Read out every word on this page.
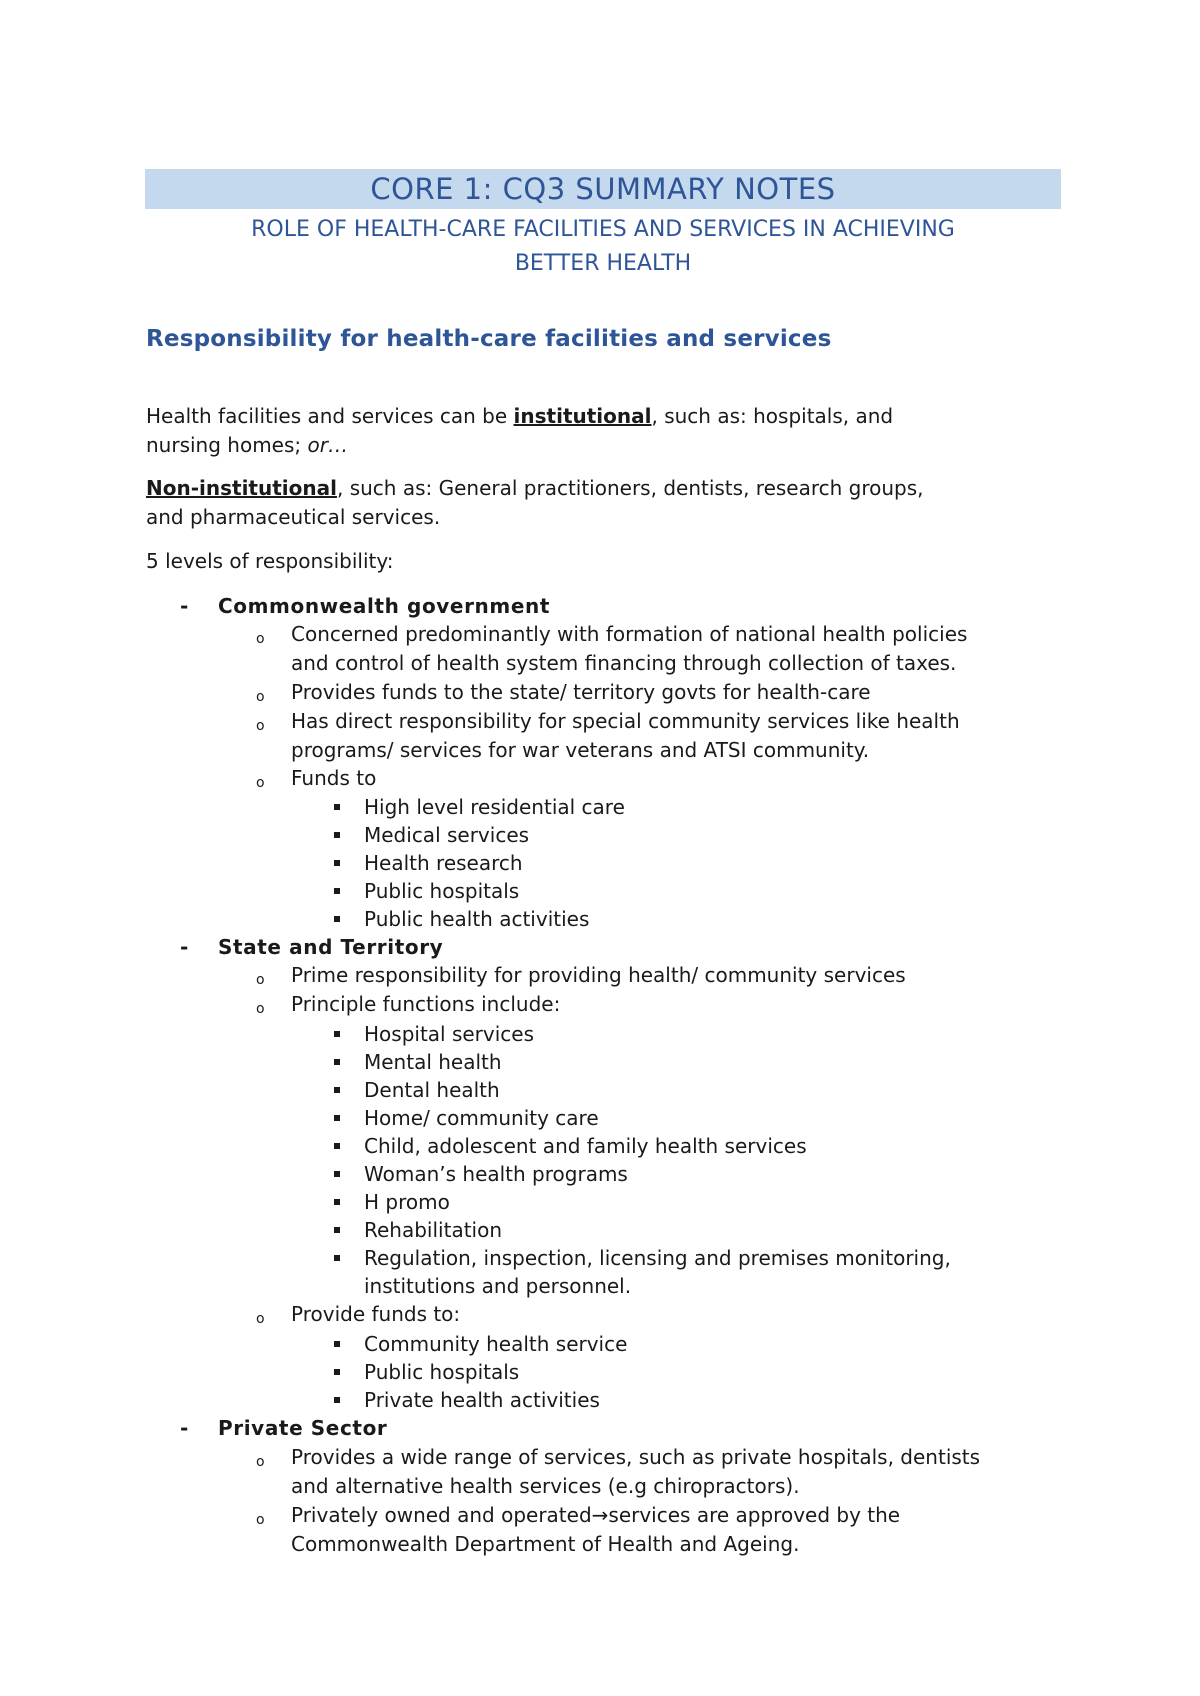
CORE 1: CQ3 SUMMARY NOTES
ROLE OF HEALTH-CARE FACILITIES AND SERVICES IN ACHIEVING
BETTER HEALTH
Responsibility for health-care facilities and services
Health facilities and services can be institutional, such as: hospitals, and
nursing homes; or…
Non-institutional, such as: General practitioners, dentists, research groups,
and pharmaceutical services.
5 levels of responsibility:
- Commonwealth government
o Concerned predominantly with formation of national health policies
and control of health system financing through collection of taxes.
o Provides funds to the state/ territory govts for health-care
o Has direct responsibility for special community services like health
programs/ services for war veterans and ATSI community.
o Funds to
High level residential care
Medical services
Health research
Public hospitals
Public health activities
- State and Territory
o Prime responsibility for providing health/ community services
o Principle functions include:
Hospital services
Mental health
Dental health
Home/ community care
Child, adolescent and family health services
Woman’s health programs
H promo
Rehabilitation
Regulation, inspection, licensing and premises monitoring,
institutions and personnel.
o Provide funds to:
Community health service
Public hospitals
Private health activities
- Private Sector
o Provides a wide range of services, such as private hospitals, dentists
and alternative health services (e.g chiropractors).
o Privately owned and operated→services are approved by the
Commonwealth Department of Health and Ageing.
